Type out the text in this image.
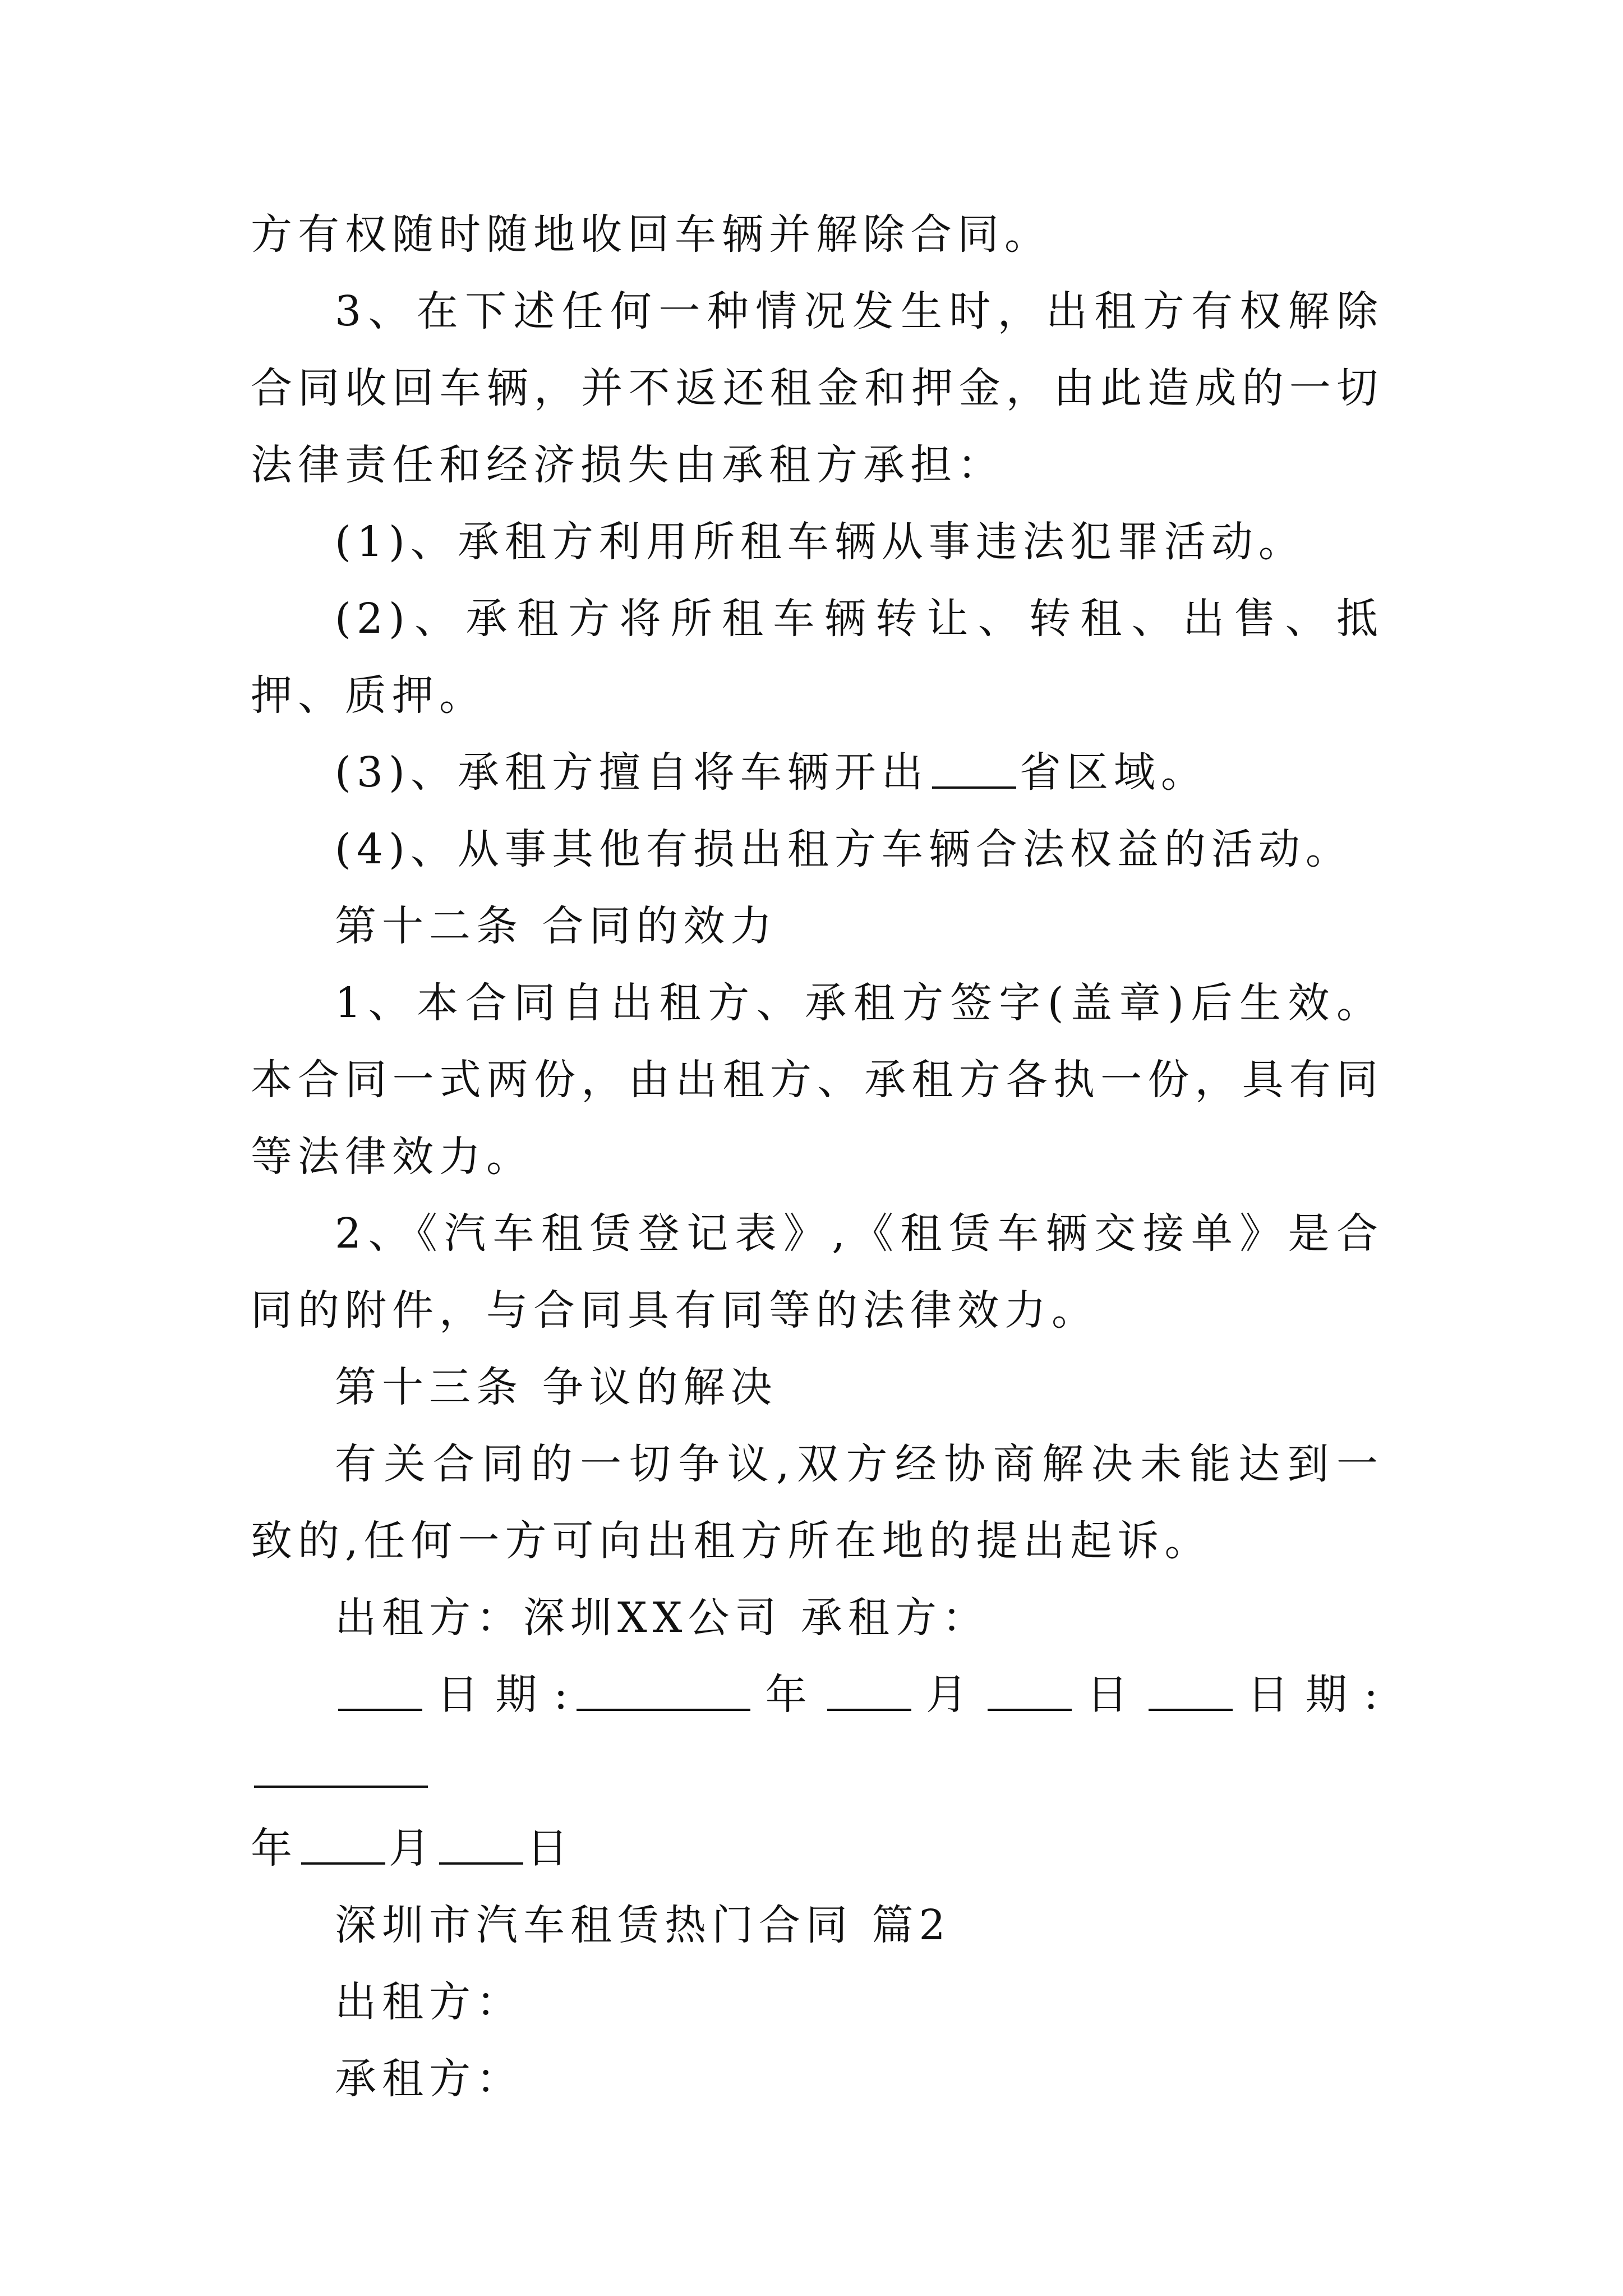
方有权随时随地收回车辆并解除合同。

3、在下述任何一种情况发生时，出租方有权解除合同收回车辆，并不返还租金和押金，由此造成的一切法律责任和经济损失由承租方承担：

(1)、承租方利用所租车辆从事违法犯罪活动。

(2)、承租方将所租车辆转让、转租、出售、抵押、质押。

(3)、承租方擅自将车辆开出 省区域。

(4)、从事其他有损出租方车辆合法权益的活动。

第十二条 合同的效力

1、本合同自出租方、承租方签字(盖章)后生效。本合同一式两份，由出租方、承租方各执一份，具有同等法律效力。

2、《汽车租赁登记表》,《租赁车辆交接单》是合同的附件，与合同具有同等的法律效力。

第十三条 争议的解决

有关合同的一切争议,双方经协商解决未能达到一致的,任何一方可向出租方所在地的提出起诉。

出租方：深圳XX公司 承租方：

日期:	年 月 日 日期:

年 月 日

深圳市汽车租赁热门合同 篇2

出租方：

承租方：
